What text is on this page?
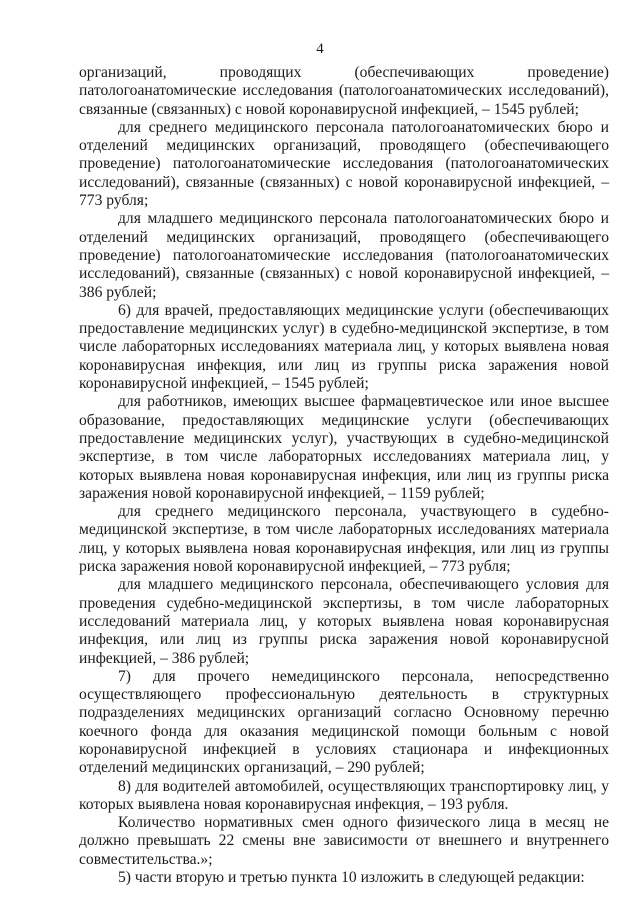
4

организаций, проводящих (обеспечивающих проведение) патологоанатомические исследования (патологоанатомических исследований), связанные (связанных) с новой коронавирусной инфекцией, – 1545 рублей;

для среднего медицинского персонала патологоанатомических бюро и отделений медицинских организаций, проводящего (обеспечивающего проведение) патологоанатомические исследования (патологоанатомических исследований), связанные (связанных) с новой коронавирусной инфекцией, – 773 рубля;

для младшего медицинского персонала патологоанатомических бюро и отделений медицинских организаций, проводящего (обеспечивающего проведение) патологоанатомические исследования (патологоанатомических исследований), связанные (связанных) с новой коронавирусной инфекцией, – 386 рублей;

6) для врачей, предоставляющих медицинские услуги (обеспечивающих предоставление медицинских услуг) в судебно-медицинской экспертизе, в том числе лабораторных исследованиях материала лиц, у которых выявлена новая коронавирусная инфекция, или лиц из группы риска заражения новой коронавирусной инфекцией, – 1545 рублей;

для работников, имеющих высшее фармацевтическое или иное высшее образование, предоставляющих медицинские услуги (обеспечивающих предоставление медицинских услуг), участвующих в судебно-медицинской экспертизе, в том числе лабораторных исследованиях материала лиц, у которых выявлена новая коронавирусная инфекция, или лиц из группы риска заражения новой коронавирусной инфекцией, – 1159 рублей;

для среднего медицинского персонала, участвующего в судебно-медицинской экспертизе, в том числе лабораторных исследованиях материала лиц, у которых выявлена новая коронавирусная инфекция, или лиц из группы риска заражения новой коронавирусной инфекцией, – 773 рубля;

для младшего медицинского персонала, обеспечивающего условия для проведения судебно-медицинской экспертизы, в том числе лабораторных исследований материала лиц, у которых выявлена новая коронавирусная инфекция, или лиц из группы риска заражения новой коронавирусной инфекцией, – 386 рублей;

7) для прочего немедицинского персонала, непосредственно осуществляющего профессиональную деятельность в структурных подразделениях медицинских организаций согласно Основному перечню коечного фонда для оказания медицинской помощи больным с новой коронавирусной инфекцией в условиях стационара и инфекционных отделений медицинских организаций, – 290 рублей;

8) для водителей автомобилей, осуществляющих транспортировку лиц, у которых выявлена новая коронавирусная инфекция, – 193 рубля.

Количество нормативных смен одного физического лица в месяц не должно превышать 22 смены вне зависимости от внешнего и внутреннего совместительства.»;

5) части вторую и третью пункта 10 изложить в следующей редакции:
